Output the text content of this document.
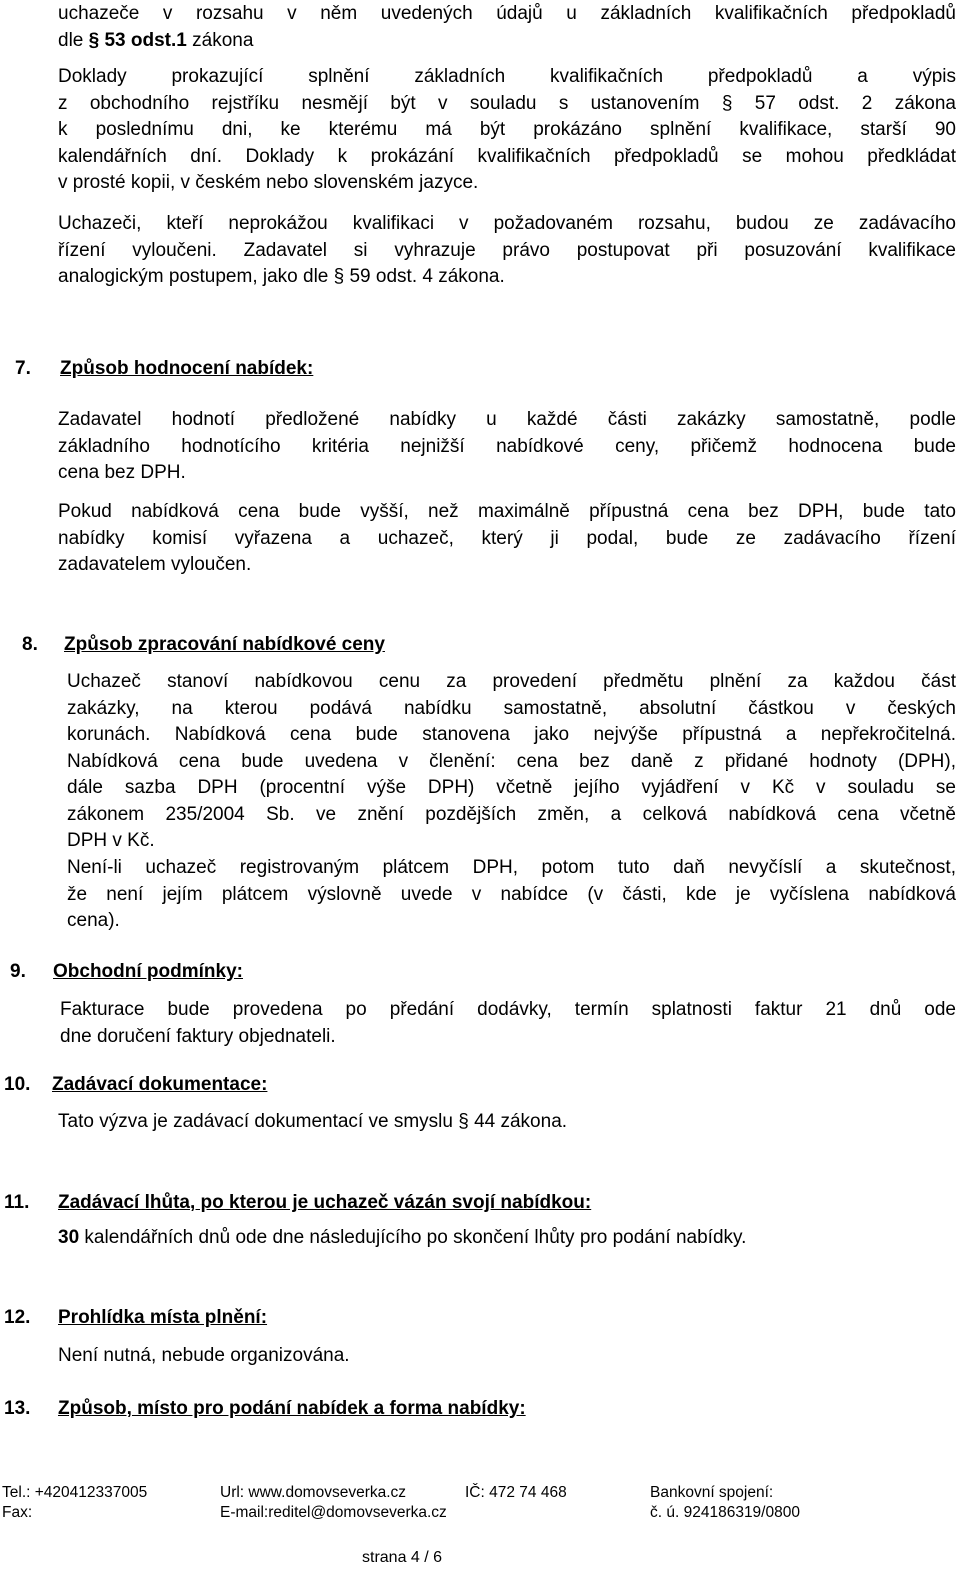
uchazeče v rozsahu v něm uvedených údajů u základních kvalifikačních předpokladů
dle § 53 odst.1 zákona
Doklady prokazující splnění základních kvalifikačních předpokladů a výpis
z obchodního rejstříku nesmějí být v souladu s ustanovením § 57 odst. 2 zákona
k poslednímu dni, ke kterému má být prokázáno splnění kvalifikace, starší 90
kalendářních dní. Doklady k prokázání kvalifikačních předpokladů se mohou předkládat
v prosté kopii, v českém nebo slovenském jazyce.
Uchazeči, kteří neprokážou kvalifikaci v požadovaném rozsahu, budou ze zadávacího
řízení vyloučeni. Zadavatel si vyhrazuje právo postupovat při posuzování kvalifikace
analogickým postupem, jako dle § 59 odst. 4 zákona.
7. Způsob hodnocení nabídek:
Zadavatel hodnotí předložené nabídky u každé části zakázky samostatně, podle
základního hodnotícího kritéria nejnižší nabídkové ceny, přičemž hodnocena bude
cena bez DPH.
Pokud nabídková cena bude vyšší, než maximálně přípustná cena bez DPH, bude tato
nabídky komisí vyřazena a uchazeč, který ji podal, bude ze zadávacího řízení
zadavatelem vyloučen.
8. Způsob zpracování nabídkové ceny
Uchazeč stanoví nabídkovou cenu za provedení předmětu plnění za každou část
zakázky, na kterou podává nabídku samostatně, absolutní částkou v českých
korunách. Nabídková cena bude stanovena jako nejvýše přípustná a nepřekročitelná.
Nabídková cena bude uvedena v členění: cena bez daně z přidané hodnoty (DPH),
dále sazba DPH (procentní výše DPH) včetně jejího vyjádření v Kč v souladu se
zákonem 235/2004 Sb. ve znění pozdějších změn, a celková nabídková cena včetně
DPH v Kč.
Není-li uchazeč registrovaným plátcem DPH, potom tuto daň nevyčíslí a skutečnost,
že není jejím plátcem výslovně uvede v nabídce (v části, kde je vyčíslena nabídková
cena).
9. Obchodní podmínky:
Fakturace bude provedena po předání dodávky, termín splatnosti faktur 21 dnů ode
dne doručení faktury objednateli.
10. Zadávací dokumentace:
Tato výzva je zadávací dokumentací ve smyslu § 44 zákona.
11. Zadávací lhůta, po kterou je uchazeč vázán svojí nabídkou:
30 kalendářních dnů ode dne následujícího po skončení lhůty pro podání nabídky.
12. Prohlídka místa plnění:
Není nutná, nebude organizována.
13. Způsob, místo pro podání nabídek a forma nabídky:
Tel.: +420412337005	Url: www.domovseverka.cz	IČ: 472 74 468	Bankovní spojení:
Fax:	E-mail:reditel@domovseverka.cz	č. ú. 924186319/0800
strana 4 / 6
